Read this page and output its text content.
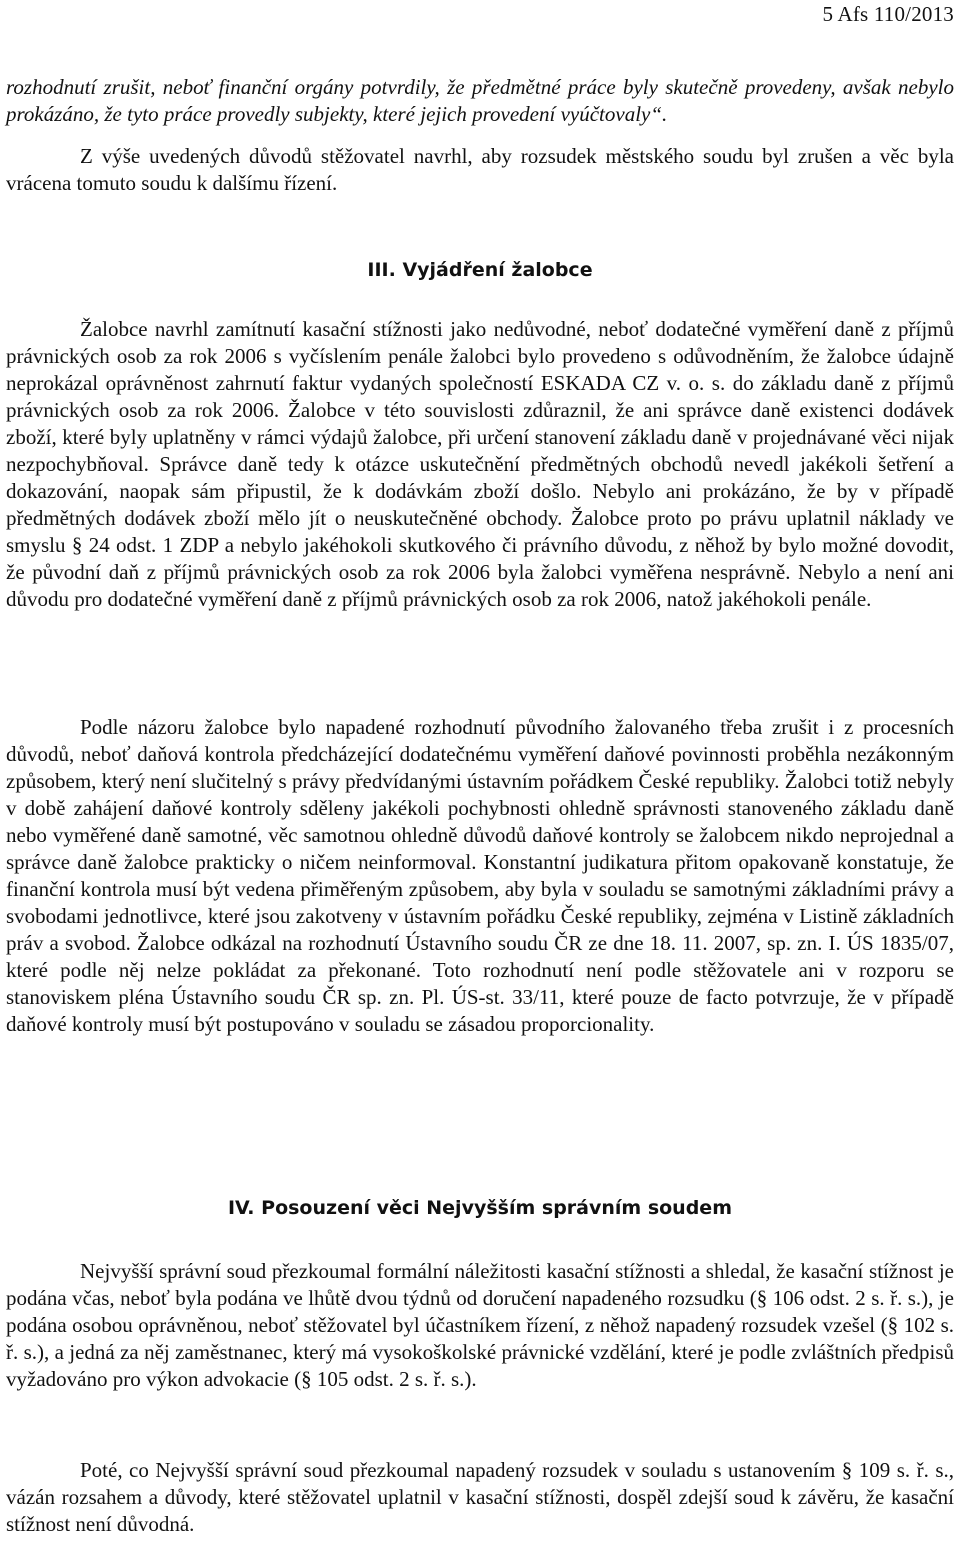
5 Afs 110/2013

rozhodnutí zrušit, neboť finanční orgány potvrdily, že předmětné práce byly skutečně provedeny, avšak nebylo prokázáno, že tyto práce provedly subjekty, které jejich provedení vyúčtovaly“.

Z výše uvedených důvodů stěžovatel navrhl, aby rozsudek městského soudu byl zrušen a věc byla vrácena tomuto soudu k dalšímu řízení.

III. Vyjádření žalobce

Žalobce navrhl zamítnutí kasační stížnosti jako nedůvodné, neboť dodatečné vyměření daně z příjmů právnických osob za rok 2006 s vyčíslením penále žalobci bylo provedeno s odůvodněním, že žalobce údajně neprokázal oprávněnost zahrnutí faktur vydaných společností ESKADA CZ v. o. s. do základu daně z příjmů právnických osob za rok 2006. Žalobce v této souvislosti zdůraznil, že ani správce daně existenci dodávek zboží, které byly uplatněny v rámci výdajů žalobce, při určení stanovení základu daně v projednávané věci nijak nezpochybňoval. Správce daně tedy k otázce uskutečnění předmětných obchodů nevedl jakékoli šetření a dokazování, naopak sám připustil, že k dodávkám zboží došlo. Nebylo ani prokázáno, že by v případě předmětných dodávek zboží mělo jít o neuskutečněné obchody. Žalobce proto po právu uplatnil náklady ve smyslu § 24 odst. 1 ZDP a nebylo jakéhokoli skutkového či právního důvodu, z něhož by bylo možné dovodit, že původní daň z příjmů právnických osob za rok 2006 byla žalobci vyměřena nesprávně. Nebylo a není ani důvodu pro dodatečné vyměření daně z příjmů právnických osob za rok 2006, natož jakéhokoli penále.

Podle názoru žalobce bylo napadené rozhodnutí původního žalovaného třeba zrušit i z procesních důvodů, neboť daňová kontrola předcházející dodatečnému vyměření daňové povinnosti proběhla nezákonným způsobem, který není slučitelný s právy předvídanými ústavním pořádkem České republiky. Žalobci totiž nebyly v době zahájení daňové kontroly sděleny jakékoli pochybnosti ohledně správnosti stanoveného základu daně nebo vyměřené daně samotné, věc samotnou ohledně důvodů daňové kontroly se žalobcem nikdo neprojednal a správce daně žalobce prakticky o ničem neinformoval. Konstantní judikatura přitom opakovaně konstatuje, že finanční kontrola musí být vedena přiměřeným způsobem, aby byla v souladu se samotnými základními právy a svobodami jednotlivce, které jsou zakotveny v ústavním pořádku České republiky, zejména v Listině základních práv a svobod. Žalobce odkázal na rozhodnutí Ústavního soudu ČR ze dne 18. 11. 2007, sp. zn. I. ÚS 1835/07, které podle něj nelze pokládat za překonané. Toto rozhodnutí není podle stěžovatele ani v rozporu se stanoviskem pléna Ústavního soudu ČR sp. zn. Pl. ÚS-st. 33/11, které pouze de facto potvrzuje, že v případě daňové kontroly musí být postupováno v souladu se zásadou proporcionality.

IV. Posouzení věci Nejvyšším správním soudem

Nejvyšší správní soud přezkoumal formální náležitosti kasační stížnosti a shledal, že kasační stížnost je podána včas, neboť byla podána ve lhůtě dvou týdnů od doručení napadeného rozsudku (§ 106 odst. 2 s. ř. s.), je podána osobou oprávněnou, neboť stěžovatel byl účastníkem řízení, z něhož napadený rozsudek vzešel (§ 102 s. ř. s.), a jedná za něj zaměstnanec, který má vysokoškolské právnické vzdělání, které je podle zvláštních předpisů vyžadováno pro výkon advokacie (§ 105 odst. 2 s. ř. s.).

Poté, co Nejvyšší správní soud přezkoumal napadený rozsudek v souladu s ustanovením § 109 s. ř. s., vázán rozsahem a důvody, které stěžovatel uplatnil v kasační stížnosti, dospěl zdejší soud k závěru, že kasační stížnost není důvodná.
